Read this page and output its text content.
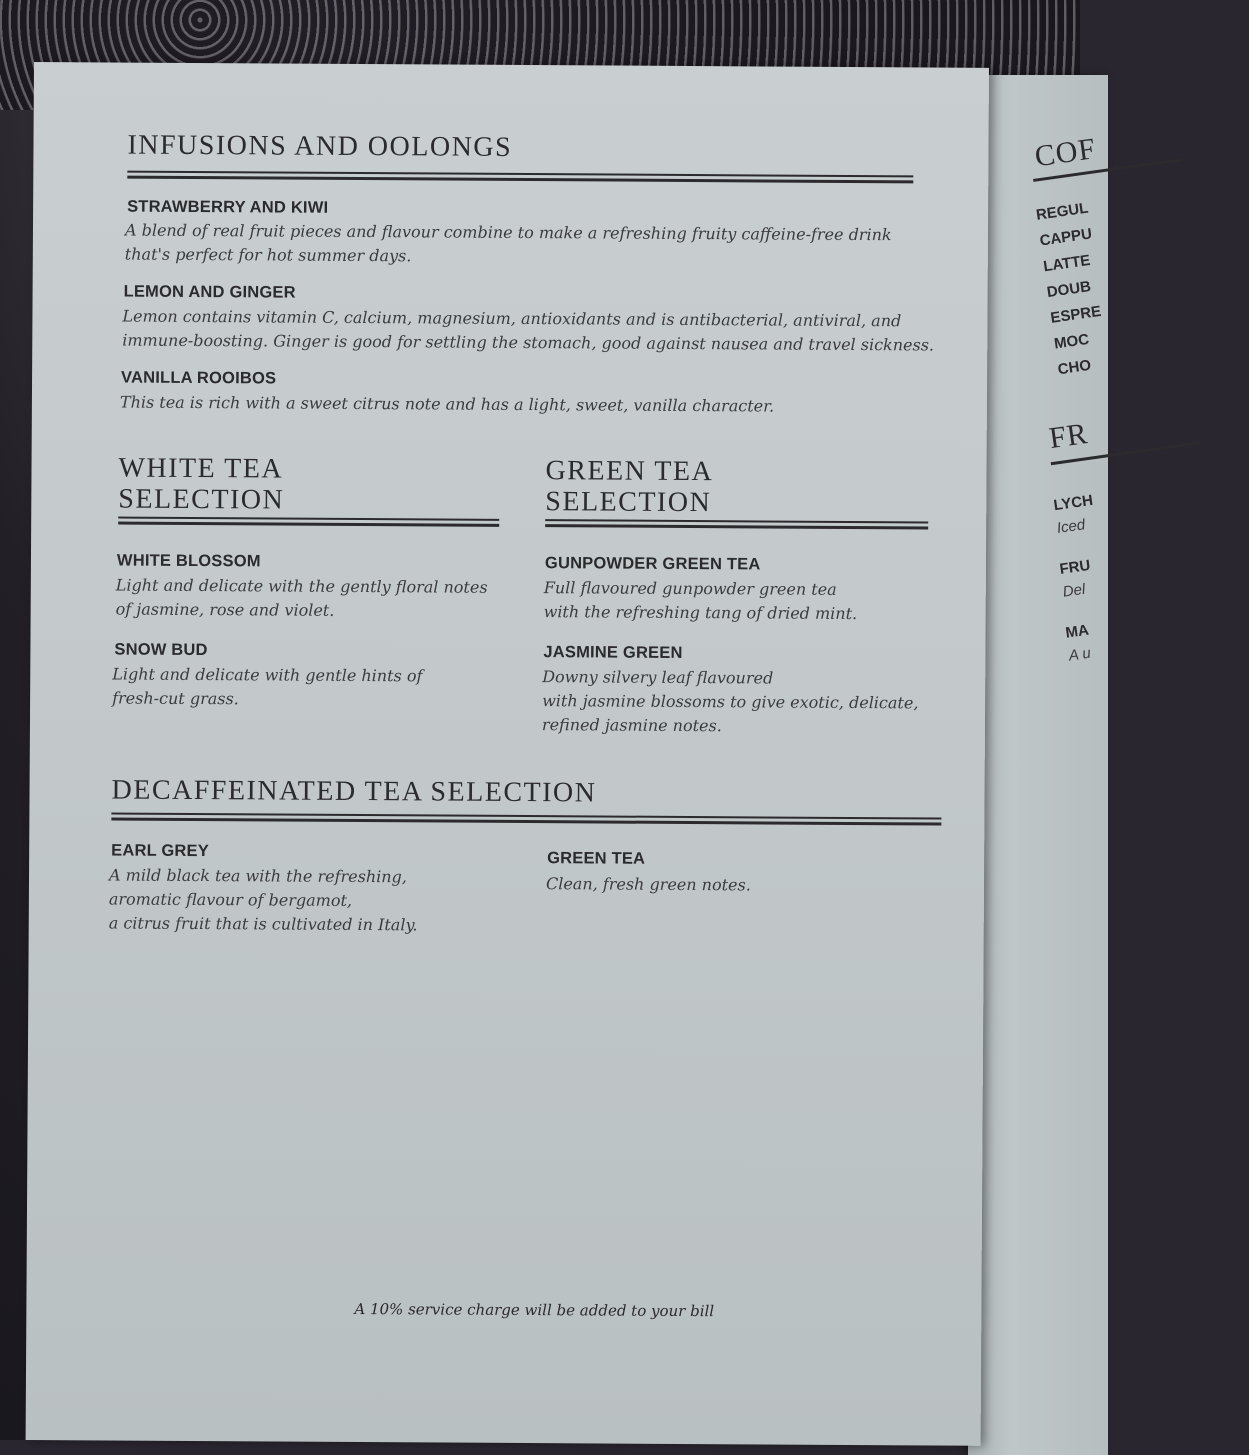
COF
REGUL
CAPPU
LATTE
DOUB
ESPRE
MOC
CHO
FR
LYCH
Iced
FRU
Del
MA
A u
INFUSIONS AND OOLONGS
STRAWBERRY AND KIWI
A blend of real fruit pieces and flavour combine to make a refreshing fruity caffeine-free drink
that's perfect for hot summer days.
LEMON AND GINGER
Lemon contains vitamin C, calcium, magnesium, antioxidants and is antibacterial, antiviral, and
immune-boosting. Ginger is good for settling the stomach, good against nausea and travel sickness.
VANILLA ROOIBOS
This tea is rich with a sweet citrus note and has a light, sweet, vanilla character.
WHITE TEA
SELECTION
WHITE BLOSSOM
Light and delicate with the gently floral notes
of jasmine, rose and violet.
SNOW BUD
Light and delicate with gentle hints of
fresh-cut grass.
GREEN TEA
SELECTION
GUNPOWDER GREEN TEA
Full flavoured gunpowder green tea
with the refreshing tang of dried mint.
JASMINE GREEN
Downy silvery leaf flavoured
with jasmine blossoms to give exotic, delicate,
refined jasmine notes.
DECAFFEINATED TEA SELECTION
EARL GREY
A mild black tea with the refreshing,
aromatic flavour of bergamot,
a citrus fruit that is cultivated in Italy.
GREEN TEA
Clean, fresh green notes.
A 10% service charge will be added to your bill
